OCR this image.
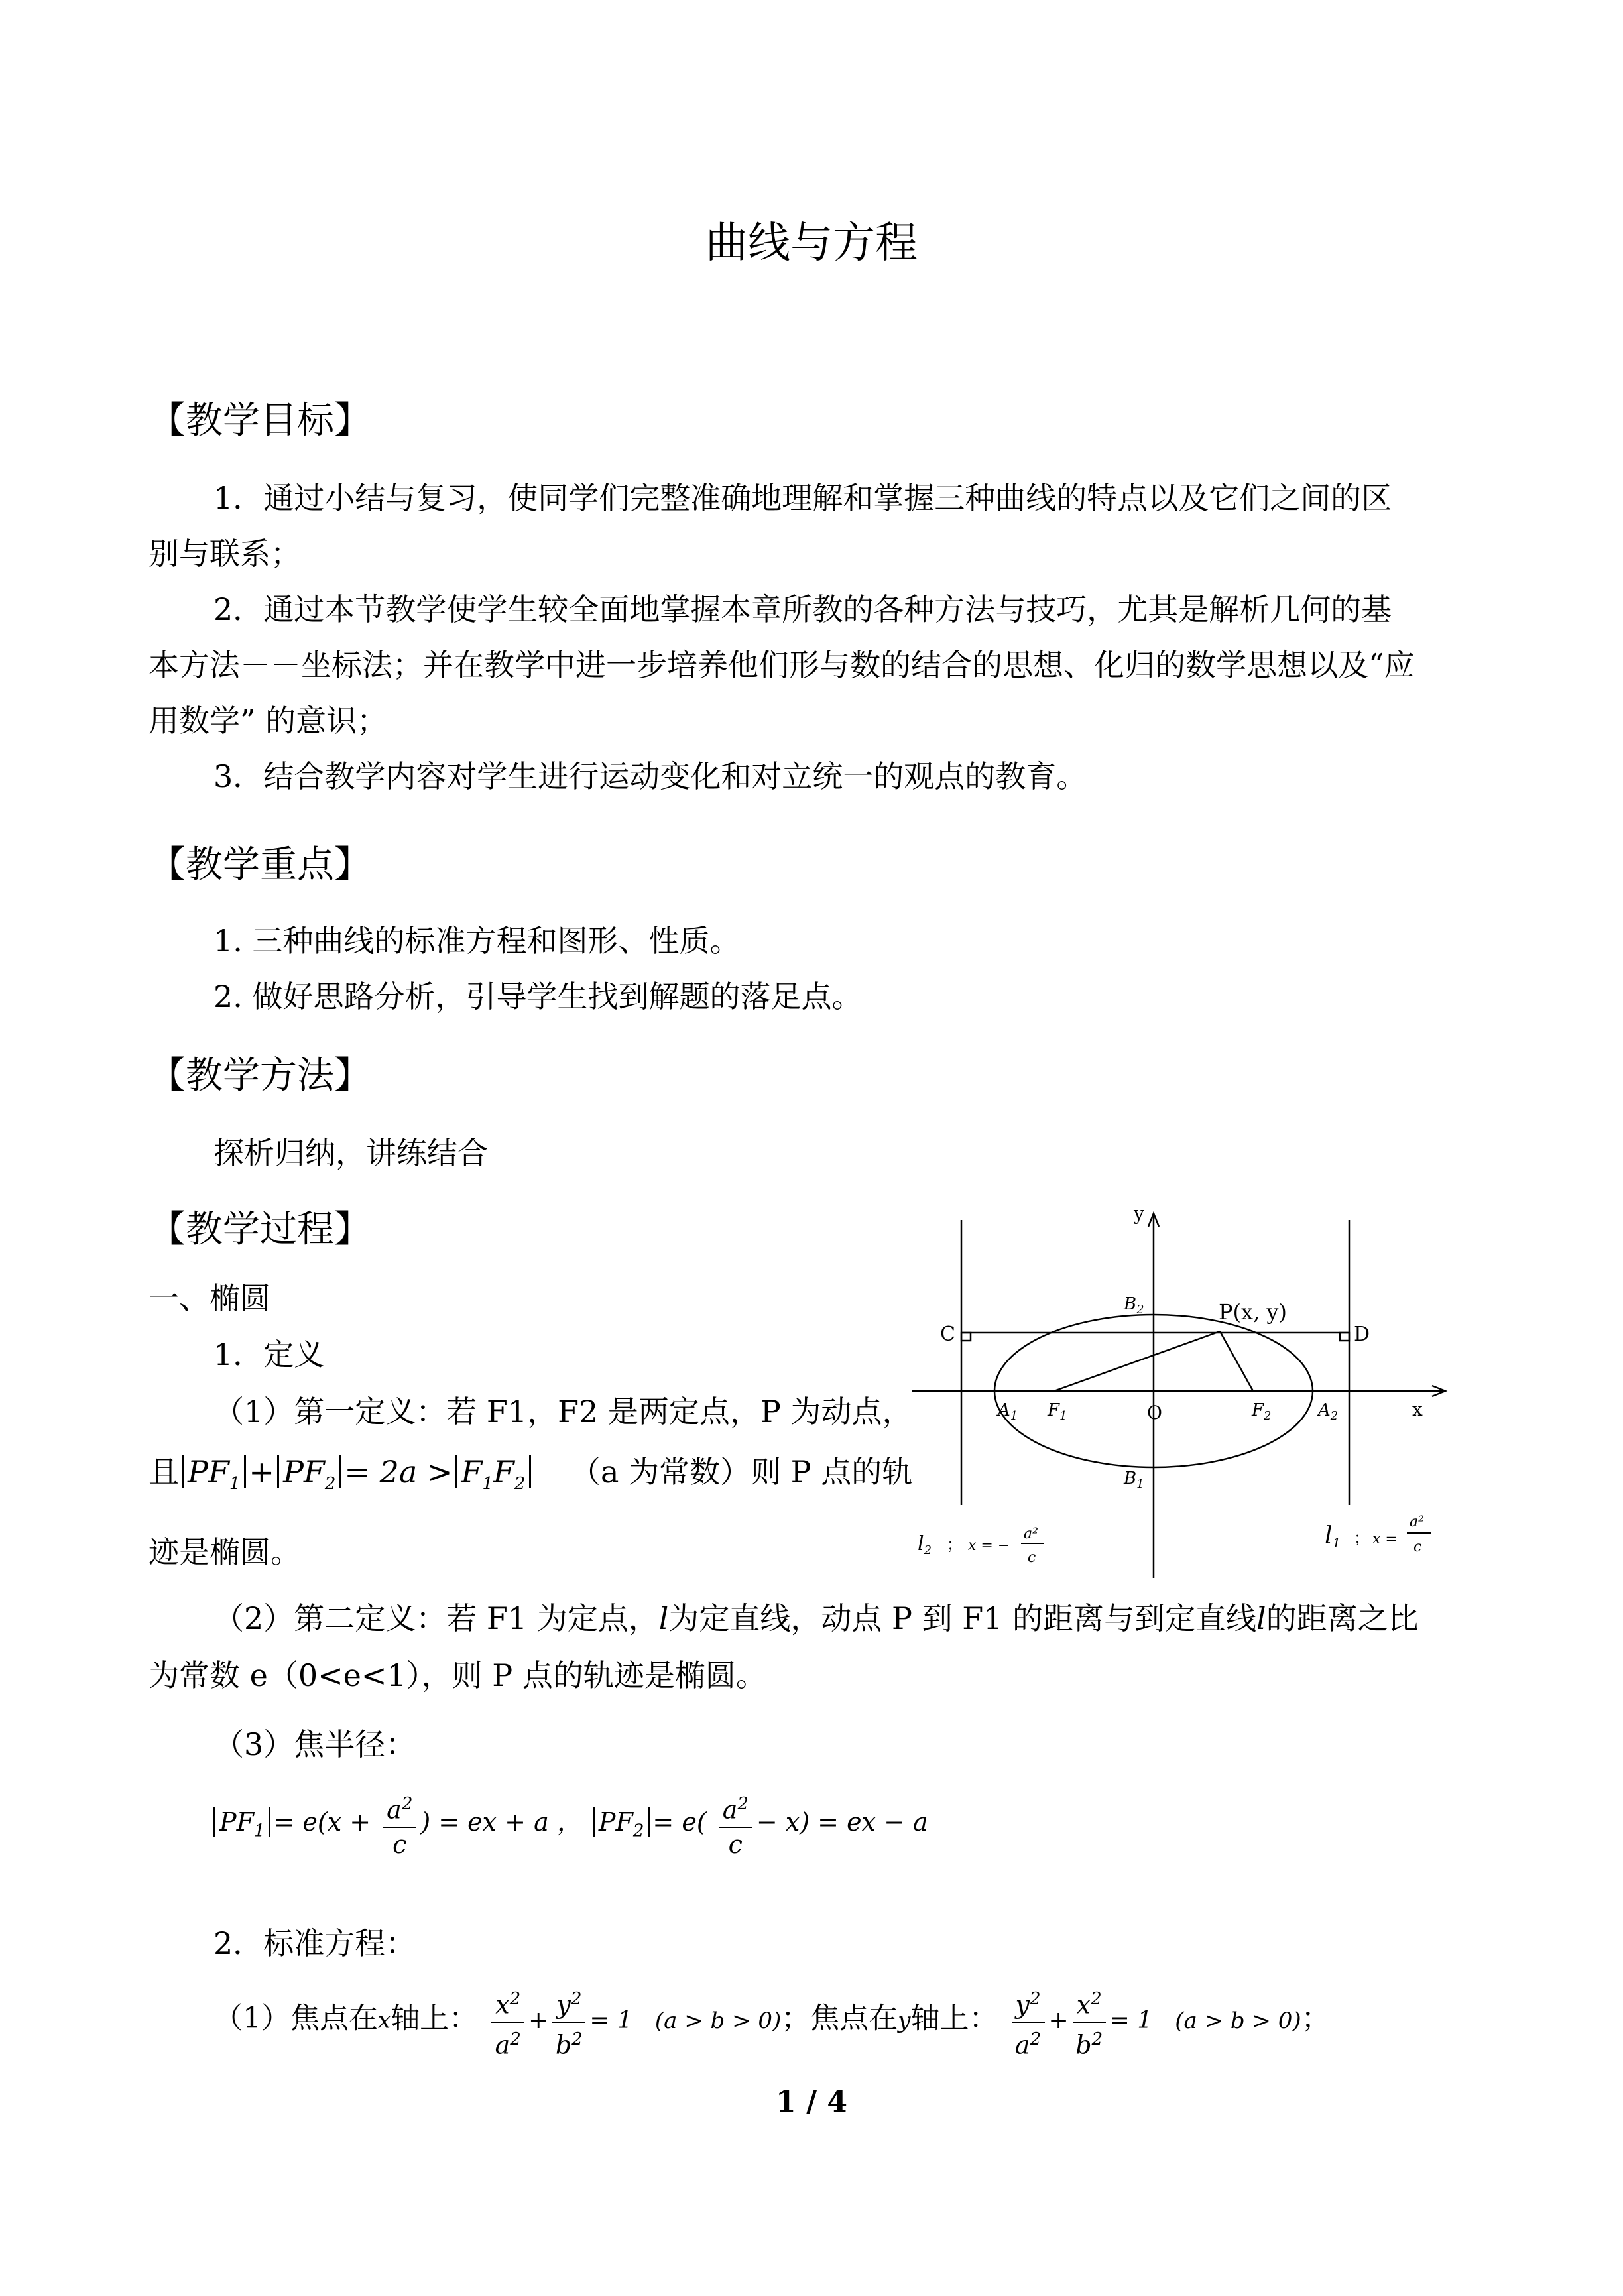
曲线与方程
【教学目标】
1．通过小结与复习，使同学们完整准确地理解和掌握三种曲线的特点以及它们之间的区
别与联系；
2．通过本节教学使学生较全面地掌握本章所教的各种方法与技巧，尤其是解析几何的基
本方法－－坐标法；并在教学中进一步培养他们形与数的结合的思想、化归的数学思想以及“应
用数学” 的意识；
3．结合教学内容对学生进行运动变化和对立统一的观点的教育。
【教学重点】
1. 三种曲线的标准方程和图形、性质。
2. 做好思路分析，引导学生找到解题的落足点。
【教学方法】
探析归纳，讲练结合
【教学过程】
一、椭圆
1．定义
（1）第一定义：若 F1，F2 是两定点，P 为动点，
且 $PF_1 + PF_2 = 2a > F_1F_2$ （a 为常数）则 P 点的轨
迹是椭圆。
（2）第二定义：若 F1 为定点，l为定直线，动点 P 到 F1 的距离与到定直线l的距离之比
为常数 e（0<e<1），则 P 点的轨迹是椭圆。
（3）焦半径：
$PF_1 = e(x + \frac{a^2}{c}$ ) = ex + a ， $PF_2 = e( \frac{a^2}{c} - x)$ = ex − a
2．标准方程：
（1）焦点在x轴上： $\frac{x^2}{a^2} + \frac{y^2}{b^2} = 1$ (a > b > 0)；焦点在y轴上： $\frac{y^2}{a^2} + \frac{x^2}{b^2} = 1$ (a > b > 0)；
y
x
O
P(x, y)
C	D
$B_2$
$B_1$
$A_1$	$A_2$
$F_1$	$F_2$
$l_2$ ； x = −
a²
c
l1 ； x =
a²
c
1 / 4
